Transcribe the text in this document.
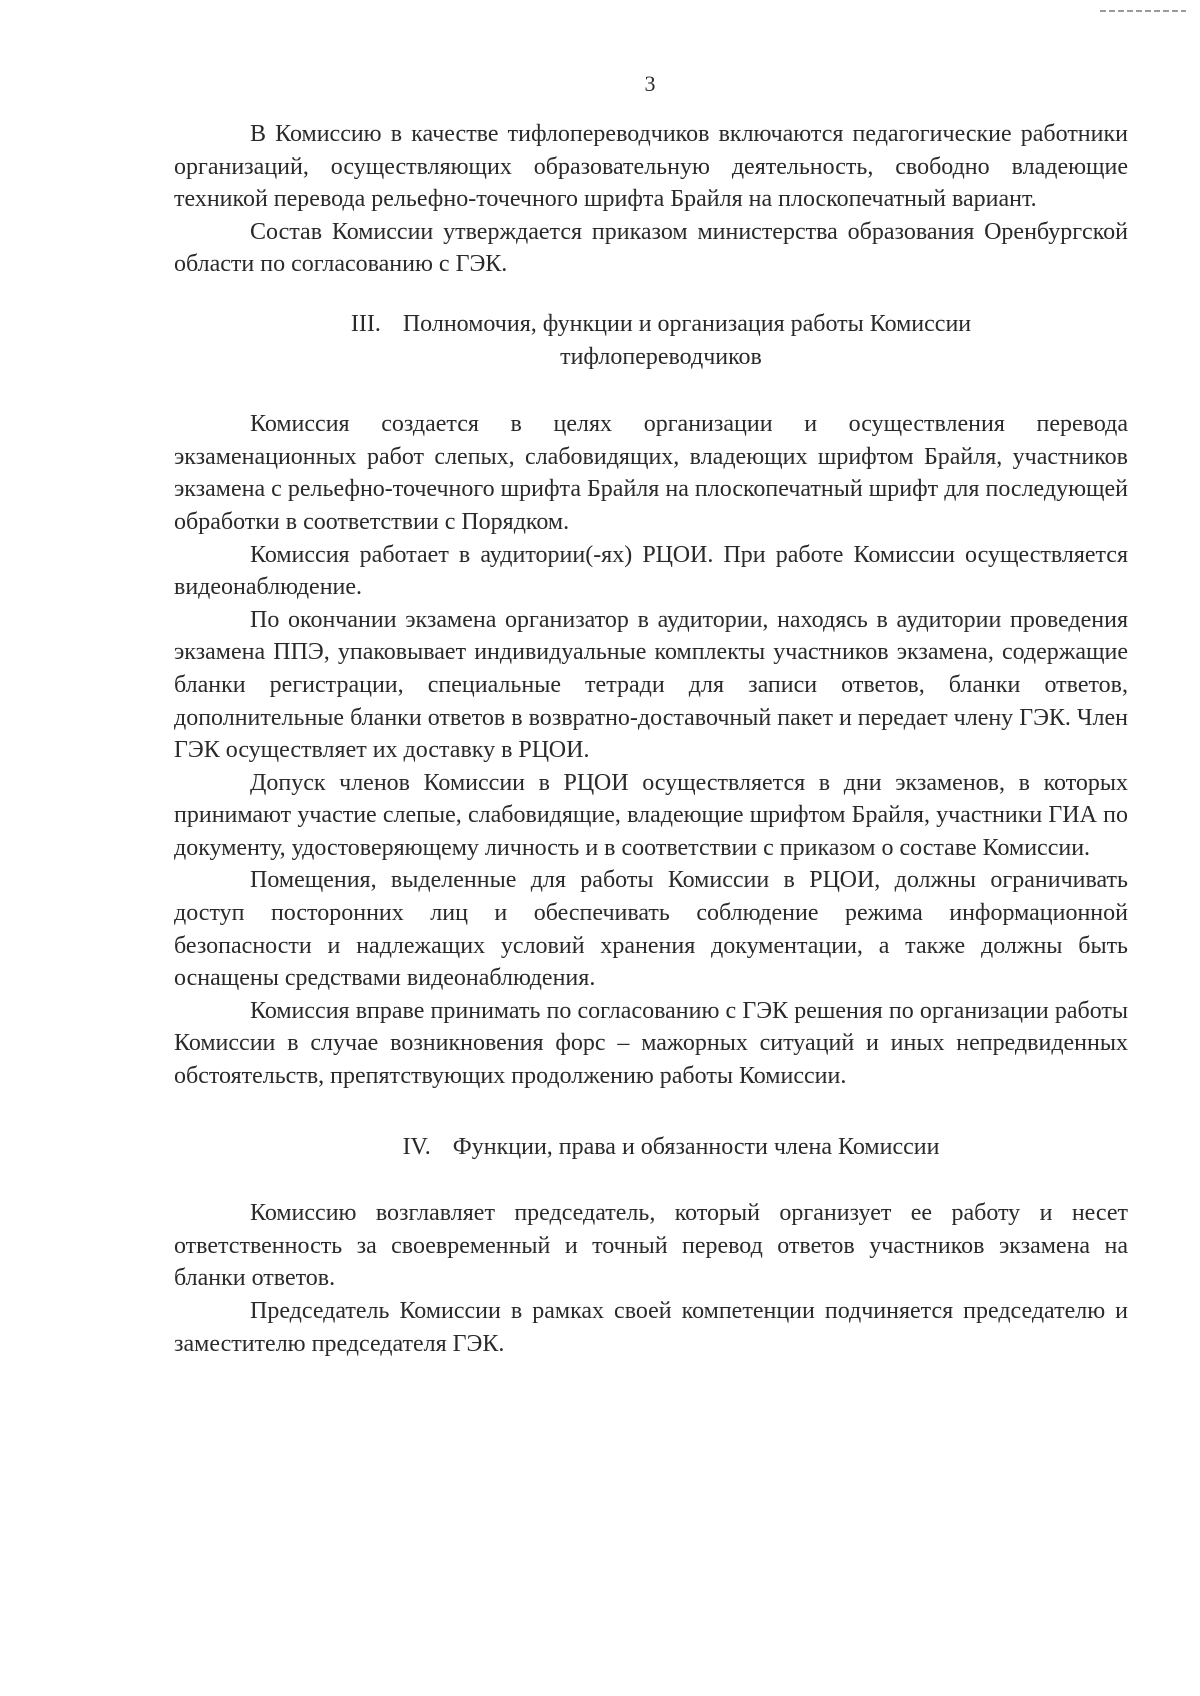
3

В Комиссию в качестве тифлопереводчиков включаются педагогические работники организаций, осуществляющих образовательную деятельность, свободно владеющие техникой перевода рельефно-точечного шрифта Брайля на плоскопечатный вариант.

Состав Комиссии утверждается приказом министерства образования Оренбургской области по согласованию с ГЭК.

III. Полномочия, функции и организация работы Комиссии
тифлопереводчиков

Комиссия создается в целях организации и осуществления перевода экзаменационных работ слепых, слабовидящих, владеющих шрифтом Брайля, участников экзамена с рельефно-точечного шрифта Брайля на плоскопечатный шрифт для последующей обработки в соответствии с Порядком.

Комиссия работает в аудитории(-ях) РЦОИ. При работе Комиссии осуществляется видеонаблюдение.

По окончании экзамена организатор в аудитории, находясь в аудитории проведения экзамена ППЭ, упаковывает индивидуальные комплекты участников экзамена, содержащие бланки регистрации, специальные тетради для записи ответов, бланки ответов, дополнительные бланки ответов в возвратно-доставочный пакет и передает члену ГЭК. Член ГЭК осуществляет их доставку в РЦОИ.

Допуск членов Комиссии в РЦОИ осуществляется в дни экзаменов, в которых принимают участие слепые, слабовидящие, владеющие шрифтом Брайля, участники ГИА по документу, удостоверяющему личность и в соответствии с приказом о составе Комиссии.

Помещения, выделенные для работы Комиссии в РЦОИ, должны ограничивать доступ посторонних лиц и обеспечивать соблюдение режима информационной безопасности и надлежащих условий хранения документации, а также должны быть оснащены средствами видеонаблюдения.

Комиссия вправе принимать по согласованию с ГЭК решения по организации работы Комиссии в случае возникновения форс – мажорных ситуаций и иных непредвиденных обстоятельств, препятствующих продолжению работы Комиссии.

IV. Функции, права и обязанности члена Комиссии

Комиссию возглавляет председатель, который организует ее работу и несет ответственность за своевременный и точный перевод ответов участников экзамена на бланки ответов.

Председатель Комиссии в рамках своей компетенции подчиняется председателю и заместителю председателя ГЭК.
